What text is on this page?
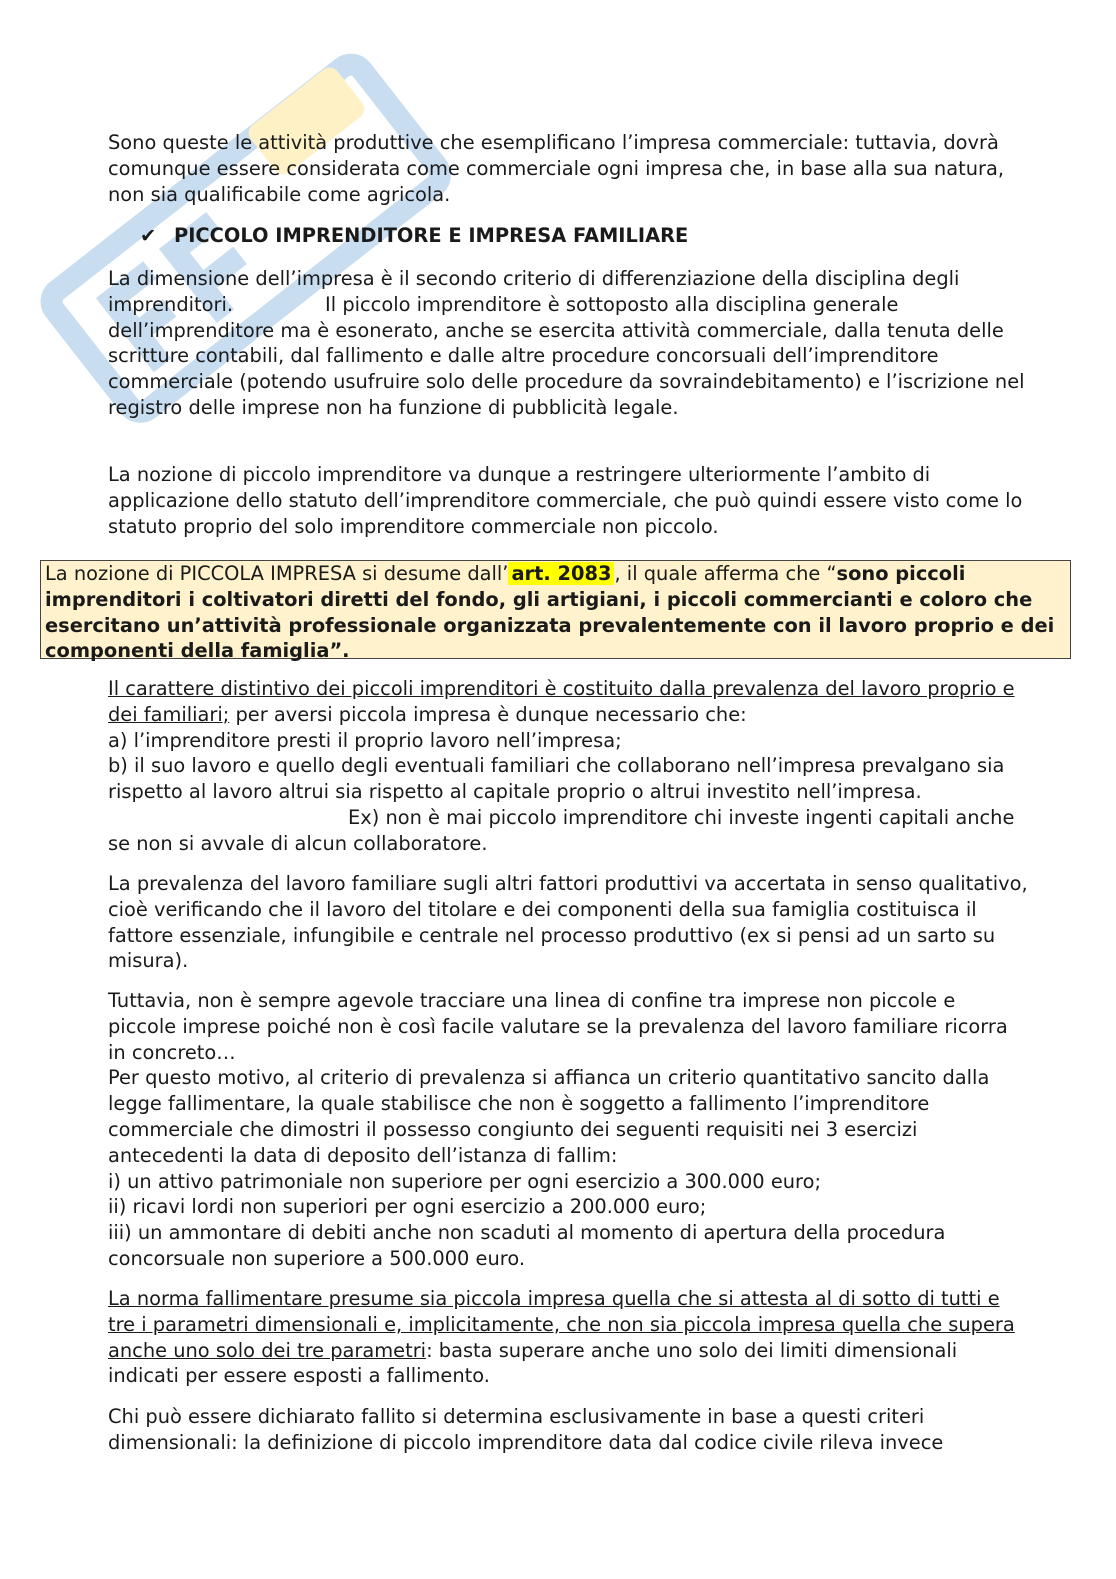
Sono queste le attività produttive che esemplificano l’impresa commerciale: tuttavia, dovrà comunque essere considerata come commerciale ogni impresa che, in base alla sua natura, non sia qualificabile come agricola.

✔ PICCOLO IMPRENDITORE E IMPRESA FAMILIARE

La dimensione dell’impresa è il secondo criterio di differenziazione della disciplina degli imprenditori.	Il piccolo imprenditore è sottoposto alla disciplina generale dell’imprenditore ma è esonerato, anche se esercita attività commerciale, dalla tenuta delle scritture contabili, dal fallimento e dalle altre procedure concorsuali dell’imprenditore commerciale (potendo usufruire solo delle procedure da sovraindebitamento) e l’iscrizione nel registro delle imprese non ha funzione di pubblicità legale.

La nozione di piccolo imprenditore va dunque a restringere ulteriormente l’ambito di applicazione dello statuto dell’imprenditore commerciale, che può quindi essere visto come lo statuto proprio del solo imprenditore commerciale non piccolo.

La nozione di PICCOLA IMPRESA si desume dall’ art. 2083 , il quale afferma che “sono piccoli imprenditori i coltivatori diretti del fondo, gli artigiani, i piccoli commercianti e coloro che esercitano un’attività professionale organizzata prevalentemente con il lavoro proprio e dei componenti della famiglia”.

Il carattere distintivo dei piccoli imprenditori è costituito dalla prevalenza del lavoro proprio e dei familiari; per aversi piccola impresa è dunque necessario che:

a) l’imprenditore presti il proprio lavoro nell’impresa;

b) il suo lavoro e quello degli eventuali familiari che collaborano nell’impresa prevalgano sia rispetto al lavoro altrui sia rispetto al capitale proprio o altrui investito nell’impresa.Ex) non è mai piccolo imprenditore chi investe ingenti capitali anche se non si avvale di alcun collaboratore.

La prevalenza del lavoro familiare sugli altri fattori produttivi va accertata in senso qualitativo, cioè verificando che il lavoro del titolare e dei componenti della sua famiglia costituisca il fattore essenziale, infungibile e centrale nel processo produttivo (ex si pensi ad un sarto su misura).

Tuttavia, non è sempre agevole tracciare una linea di confine tra imprese non piccole e piccole imprese poiché non è così facile valutare se la prevalenza del lavoro familiare ricorra in concreto…

Per questo motivo, al criterio di prevalenza si affianca un criterio quantitativo sancito dalla legge fallimentare, la quale stabilisce che non è soggetto a fallimento l’imprenditore commerciale che dimostri il possesso congiunto dei seguenti requisiti nei 3 esercizi antecedenti la data di deposito dell’istanza di fallim:

i) un attivo patrimoniale non superiore per ogni esercizio a 300.000 euro;

ii) ricavi lordi non superiori per ogni esercizio a 200.000 euro;

iii) un ammontare di debiti anche non scaduti al momento di apertura della procedura concorsuale non superiore a 500.000 euro.

La norma fallimentare presume sia piccola impresa quella che si attesta al di sotto di tutti e tre i parametri dimensionali e, implicitamente, che non sia piccola impresa quella che supera anche uno solo dei tre parametri: basta superare anche uno solo dei limiti dimensionali indicati per essere esposti a fallimento.

Chi può essere dichiarato fallito si determina esclusivamente in base a questi criteri dimensionali: la definizione di piccolo imprenditore data dal codice civile rileva invece
